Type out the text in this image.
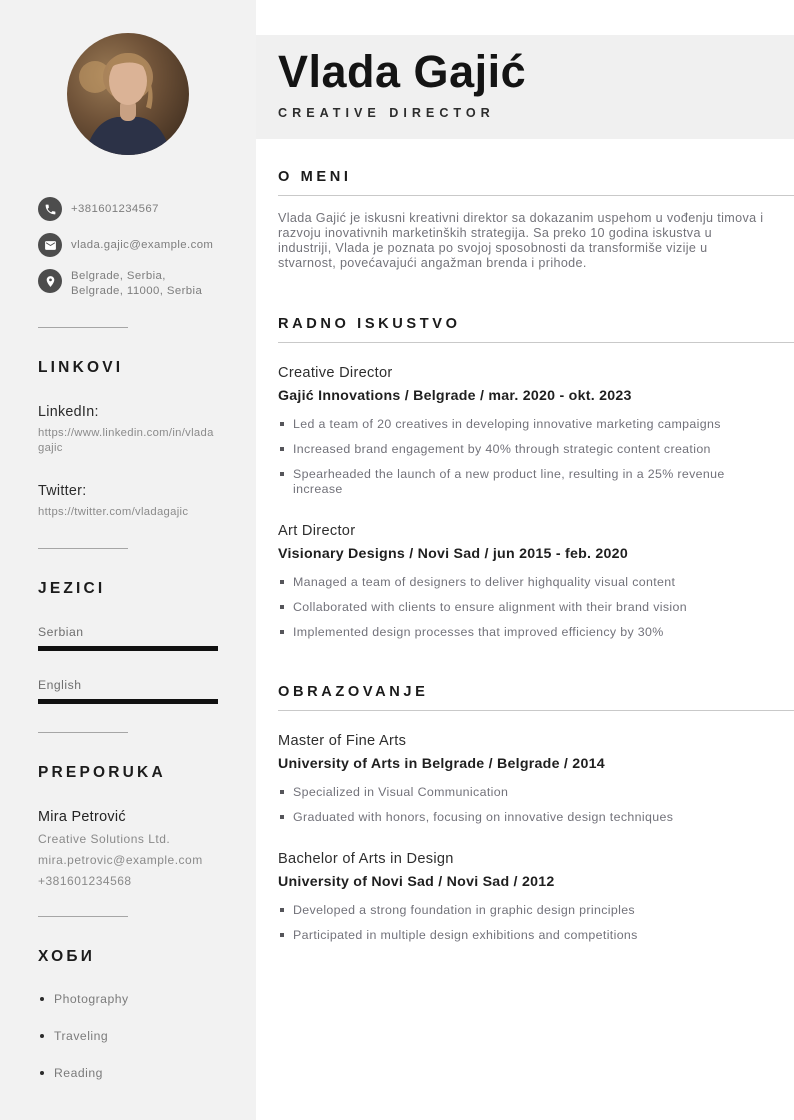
+381601234567
vlada.gajic@example.com
Belgrade, Serbia,
Belgrade, 11000, Serbia
LINKOVI
LinkedIn:
https://www.linkedin.com/in/vladagajic
Twitter:
https://twitter.com/vladagajic
JEZICI
Serbian
English
PREPORUKA
Mira Petrović
Creative Solutions Ltd.
mira.petrovic@example.com
+381601234568
ХОБИ
Photography
Traveling
Reading
Vlada Gajić
CREATIVE DIRECTOR
O MENI

Vlada Gajić je iskusni kreativni direktor sa dokazanim uspehom u vođenju timova i razvoju inovativnih marketinških strategija. Sa preko 10 godina iskustva u industriji, Vlada je poznata po svojoj sposobnosti da transformiše vizije u stvarnost, povećavajući angažman brenda i prihode.

RADNO ISKUSTVO
Creative Director
Gajić Innovations / Belgrade / mar. 2020 - okt. 2023
Led a team of 20 creatives in developing innovative marketing campaigns
Increased brand engagement by 40% through strategic content creation
Spearheaded the launch of a new product line, resulting in a 25% revenue increase
Art Director
Visionary Designs / Novi Sad / jun 2015 - feb. 2020
Managed a team of designers to deliver highquality visual content
Collaborated with clients to ensure alignment with their brand vision
Implemented design processes that improved efficiency by 30%
OBRAZOVANJE
Master of Fine Arts
University of Arts in Belgrade / Belgrade / 2014
Specialized in Visual Communication
Graduated with honors, focusing on innovative design techniques
Bachelor of Arts in Design
University of Novi Sad / Novi Sad / 2012
Developed a strong foundation in graphic design principles
Participated in multiple design exhibitions and competitions
